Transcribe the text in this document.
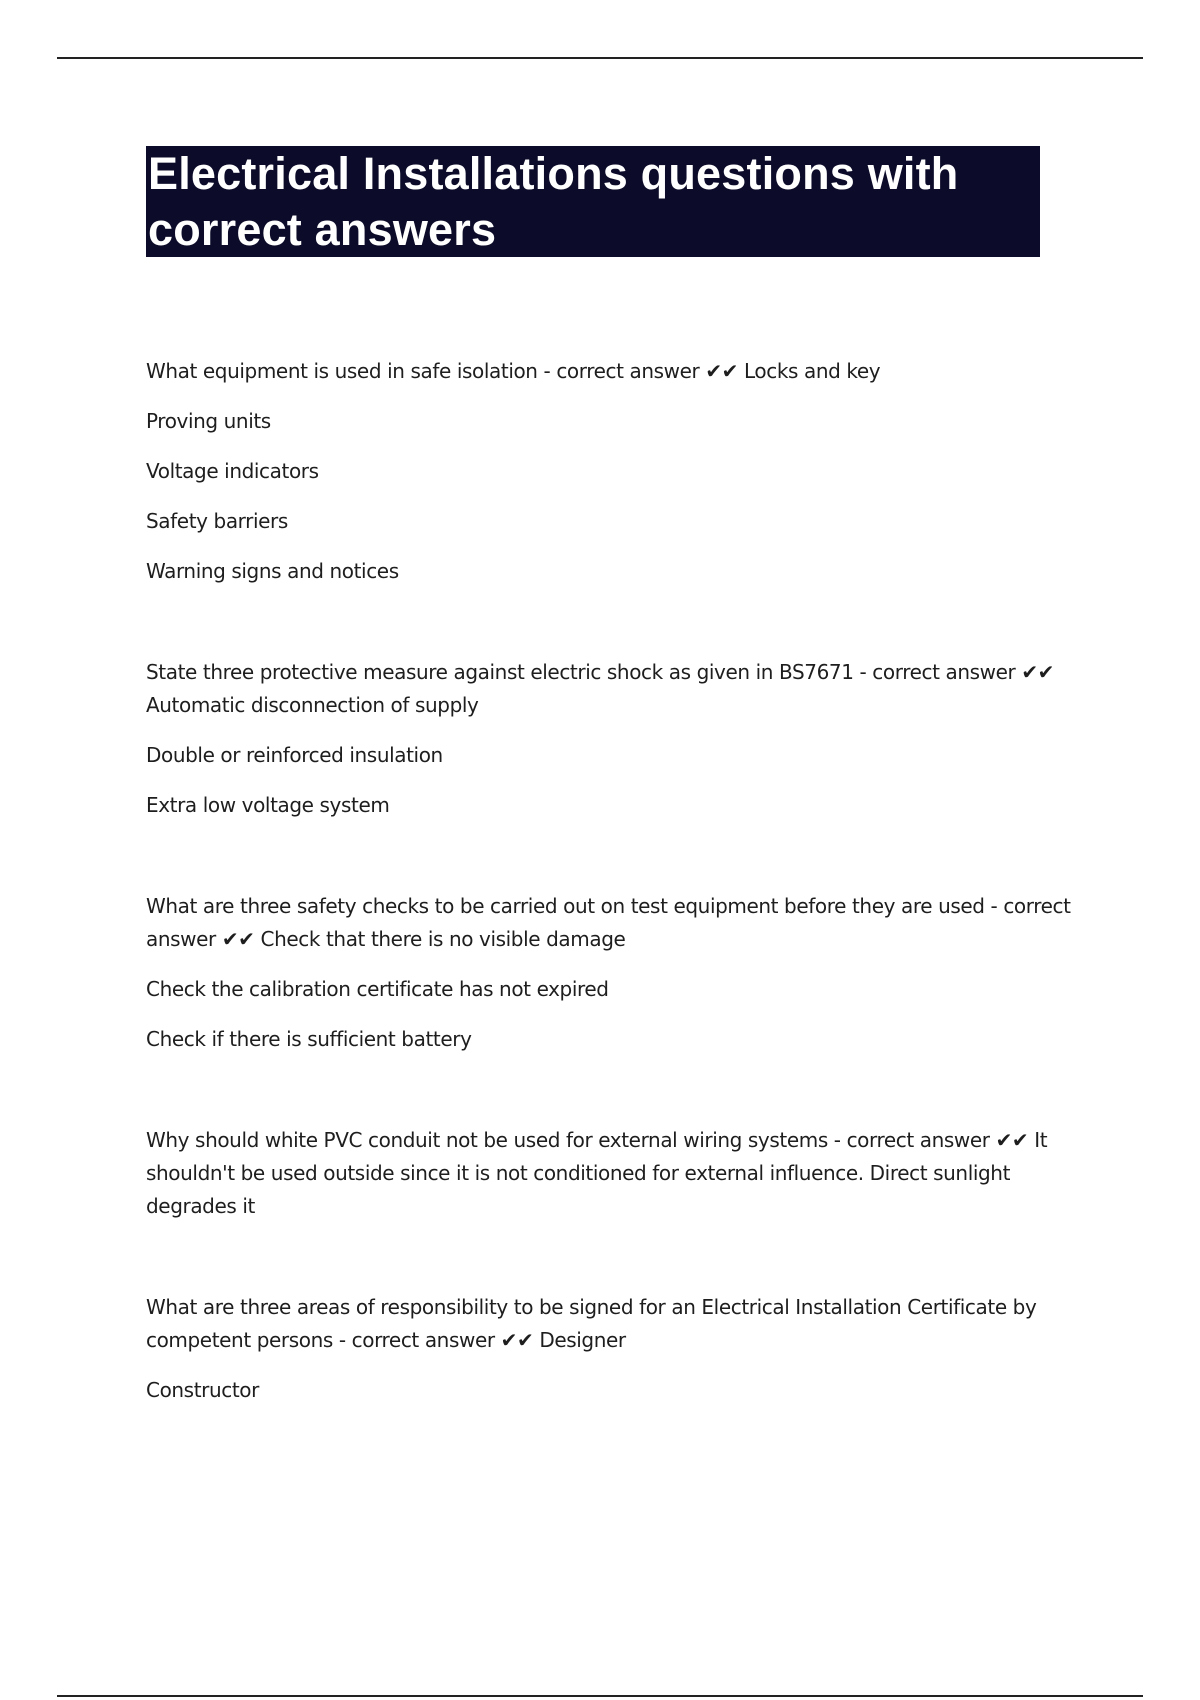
Electrical Installations questions with correct answers

What equipment is used in safe isolation - correct answer ✔✔ Locks and key

Proving units

Voltage indicators

Safety barriers

Warning signs and notices

State three protective measure against electric shock as given in BS7671 - correct answer ✔✔ Automatic disconnection of supply

Double or reinforced insulation

Extra low voltage system

What are three safety checks to be carried out on test equipment before they are used - correct answer ✔✔ Check that there is no visible damage

Check the calibration certificate has not expired

Check if there is sufficient battery

Why should white PVC conduit not be used for external wiring systems - correct answer ✔✔ It shouldn't be used outside since it is not conditioned for external influence. Direct sunlight degrades it

What are three areas of responsibility to be signed for an Electrical Installation Certificate by competent persons - correct answer ✔✔ Designer

Constructor
